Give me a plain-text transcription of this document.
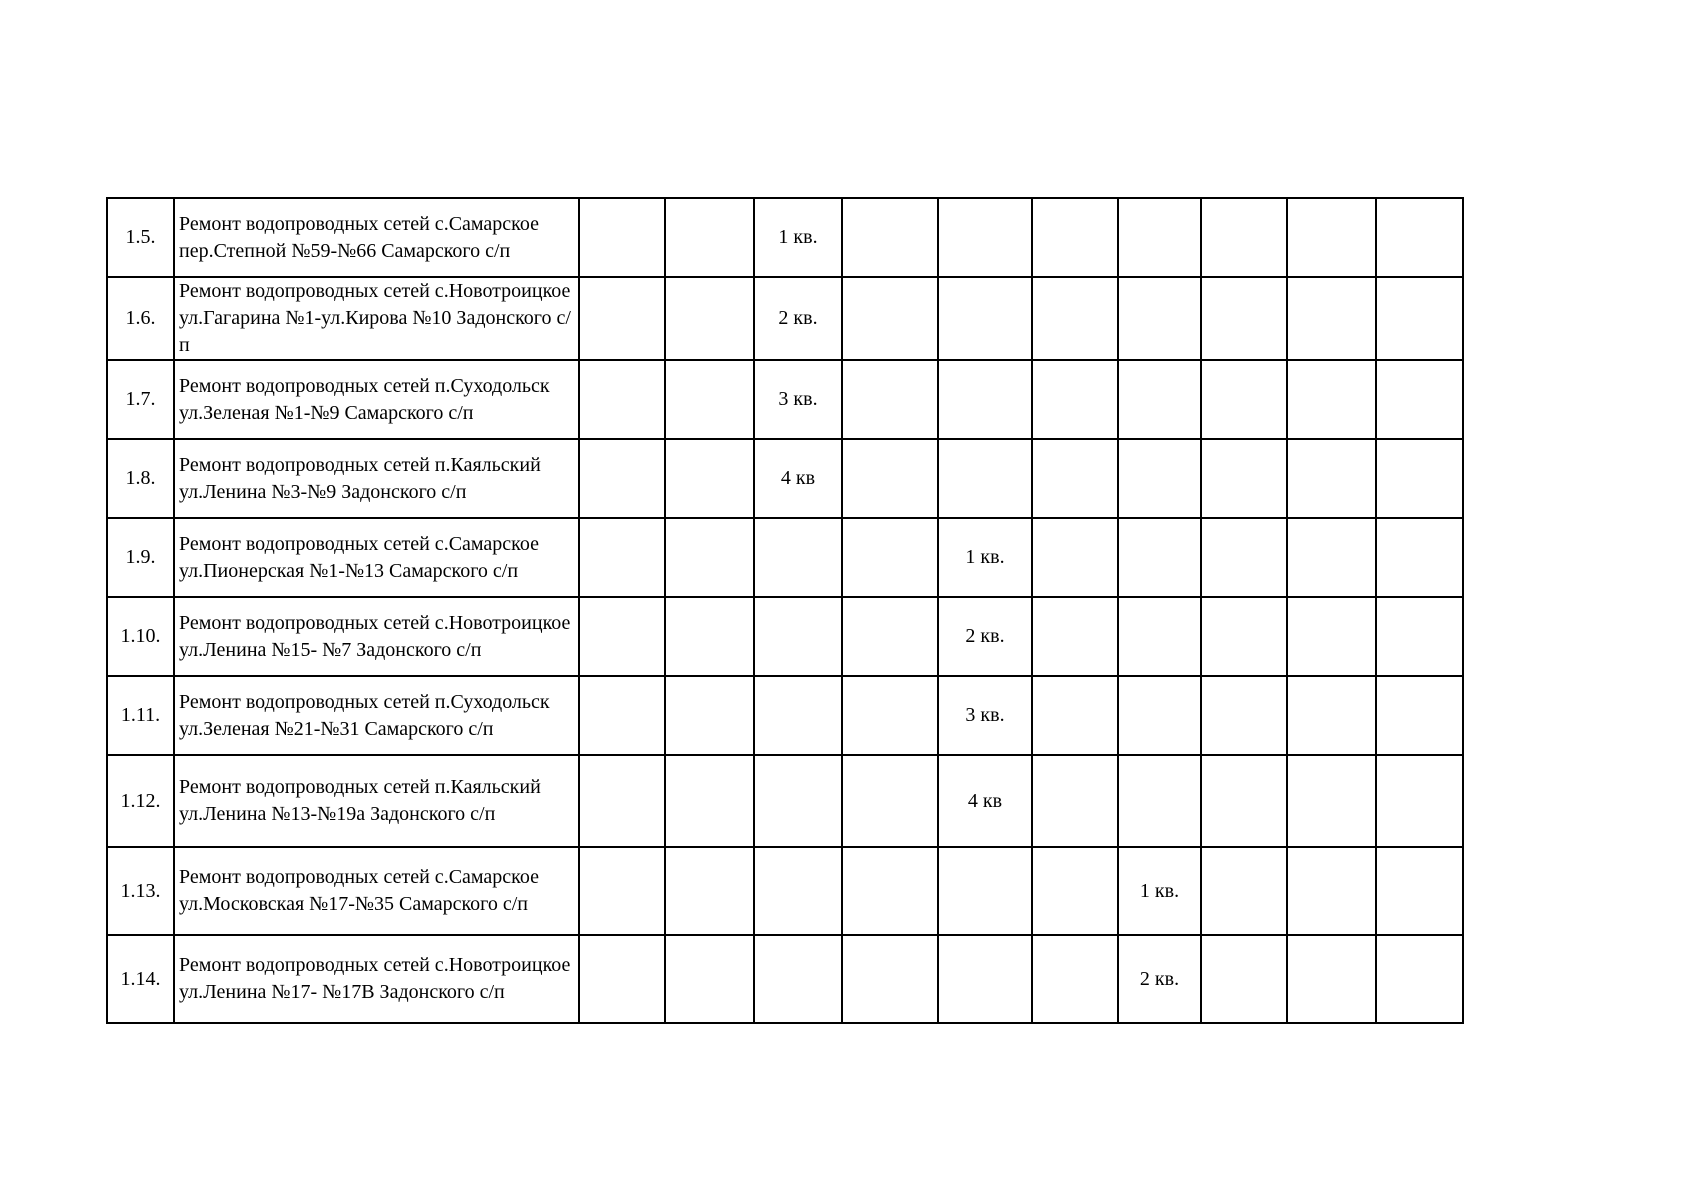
1.5.	Ремонт водопроводных сетей с.Самарское пер.Степной №59-№66 Самарского с/п			1 кв.							
1.6.	Ремонт водопроводных сетей с.Новотроицкое ул.Гагарина №1-ул.Кирова №10 Задонского с/п			2 кв.							
1.7.	Ремонт водопроводных сетей п.Суходольск ул.Зеленая №1-№9 Самарского с/п			3 кв.							
1.8.	Ремонт водопроводных сетей п.Каяльский ул.Ленина №3-№9 Задонского с/п			4 кв							
1.9.	Ремонт водопроводных сетей с.Самарское ул.Пионерская №1-№13 Самарского с/п					1 кв.					
1.10.	Ремонт водопроводных сетей с.Новотроицкое ул.Ленина №15- №7 Задонского с/п					2 кв.					
1.11.	Ремонт водопроводных сетей п.Суходольск ул.Зеленая №21-№31 Самарского с/п					3 кв.					
1.12.	Ремонт водопроводных сетей п.Каяльский ул.Ленина №13-№19а Задонского с/п					4 кв					
1.13.	Ремонт водопроводных сетей с.Самарское ул.Московская №17-№35 Самарского с/п							1 кв.			
1.14.	Ремонт водопроводных сетей с.Новотроицкое ул.Ленина №17- №17В Задонского с/п							2 кв.			
